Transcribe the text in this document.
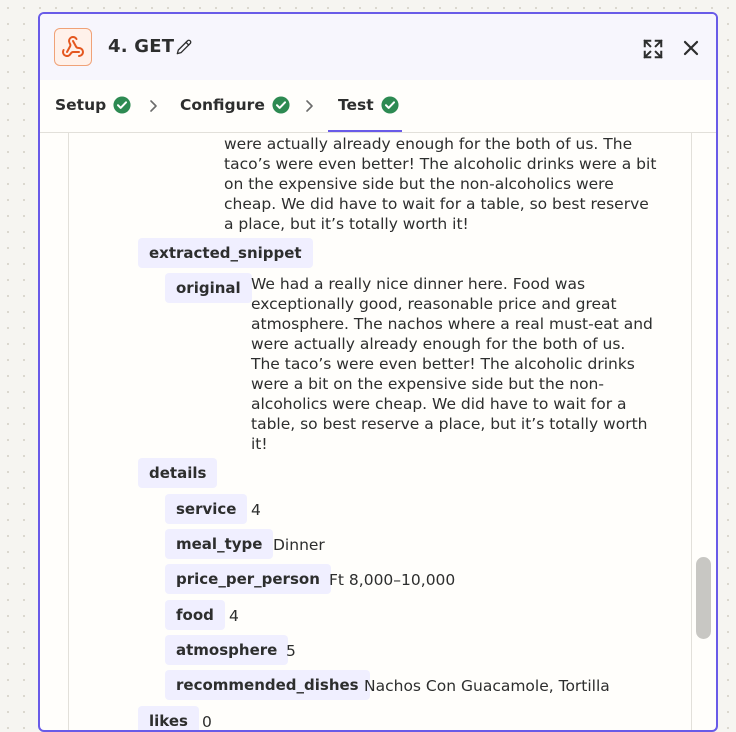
4. GET
Setup	Configure	Test
were actually already enough for the both of us. The
taco’s were even better! The alcoholic drinks were a bit
on the expensive side but the non-alcoholics were
cheap. We did have to wait for a table, so best reserve
a place, but it’s totally worth it!
extracted_snippet
original We had a really nice dinner here. Food was
exceptionally good, reasonable price and great
atmosphere. The nachos where a real must-eat and
were actually already enough for the both of us.
The taco’s were even better! The alcoholic drinks
were a bit on the expensive side but the non-
alcoholics were cheap. We did have to wait for a
table, so best reserve a place, but it’s totally worth
it!
details
service 4
meal_type Dinner
price_per_person Ft 8,000–10,000
food 4
atmosphere 5
recommended_dishes Nachos Con Guacamole, Tortilla
likes 0
